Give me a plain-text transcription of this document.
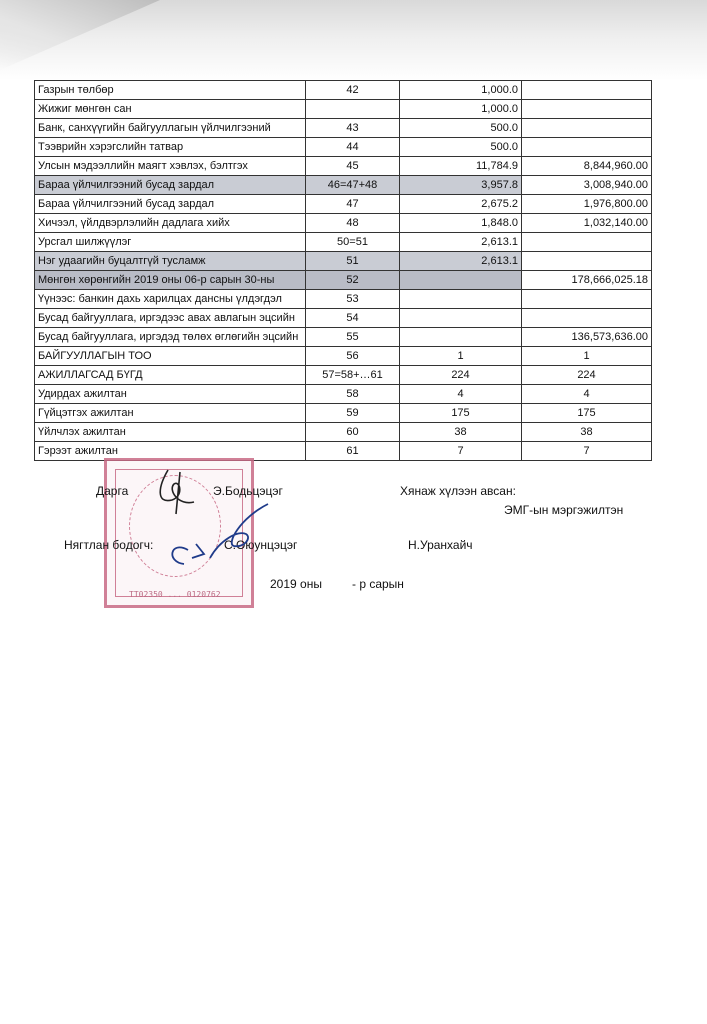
Газрын төлбөр	42	1,000.0	
Жижиг мөнгөн сан		1,000.0	
Банк, санхүүгийн байгууллагын үйлчилгээний	43	500.0	
Тээврийн хэрэгслийн татвар	44	500.0	
Улсын мэдээллийн маягт хэвлэх, бэлтгэх	45	11,784.9	8,844,960.00
Бараа үйлчилгээний бусад зардал	46=47+48	3,957.8	3,008,940.00
Бараа үйлчилгээний бусад зардал	47	2,675.2	1,976,800.00
Хичээл, үйлдвэрлэлийн дадлага хийх	48	1,848.0	1,032,140.00
Урсгал шилжүүлэг	50=51	2,613.1	
Нэг удаагийн буцалтгүй тусламж	51	2,613.1	
Мөнгөн хөрөнгийн 2019 оны 06-р сарын 30-ны	52		178,666,025.18
Үүнээс: банкин дахь харилцах дансны үлдэгдэл	53		
Бусад байгууллага, иргэдээс авах авлагын эцсийн	54		
Бусад байгууллага, иргэдэд төлөх өглөгийн эцсийн	55		136,573,636.00
БАЙГУУЛЛАГЫН ТОО	56	1	1
АЖИЛЛАГСАД БҮГД	57=58+…61	224	224
Удирдах ажилтан	58	4	4
Гүйцэтгэх ажилтан	59	175	175
Үйлчлэх ажилтан	60	38	38
Гэрээт ажилтан	61	7	7
ТТ02350 ... 0120762
Дарга	Э.Бодьцэцэг	Хянаж хүлээн авсан:
ЭМГ-ын мэргэжилтэн
Нягтлан бодогч:	С.Оюунцэцэг	Н.Уранхайч
2019 оны	- р сарын
